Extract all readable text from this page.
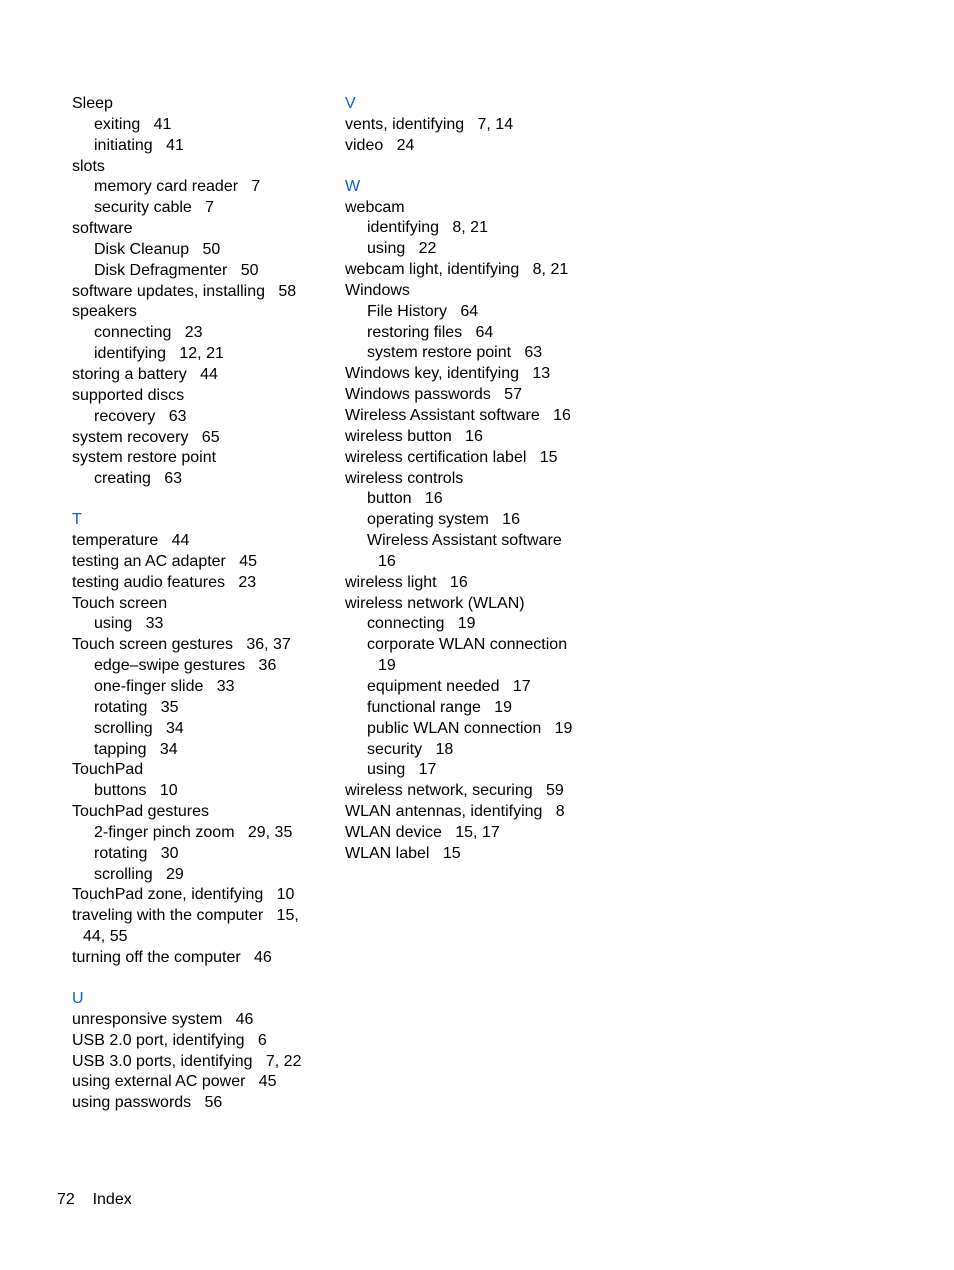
Sleep
exiting   41
initiating   41
slots
memory card reader   7
security cable   7
software
Disk Cleanup   50
Disk Defragmenter   50
software updates, installing   58
speakers
connecting   23
identifying   12, 21
storing a battery   44
supported discs
recovery   63
system recovery   65
system restore point
creating   63
T
temperature   44
testing an AC adapter   45
testing audio features   23
Touch screen
using   33
Touch screen gestures   36, 37
edge–swipe gestures   36
one-finger slide   33
rotating   35
scrolling   34
tapping   34
TouchPad
buttons   10
TouchPad gestures
2-finger pinch zoom   29, 35
rotating   30
scrolling   29
TouchPad zone, identifying   10
traveling with the computer   15,
44, 55
turning off the computer   46
U
unresponsive system   46
USB 2.0 port, identifying   6
USB 3.0 ports, identifying   7, 22
using external AC power   45
using passwords   56
V
vents, identifying   7, 14
video   24
W
webcam
identifying   8, 21
using   22
webcam light, identifying   8, 21
Windows
File History   64
restoring files   64
system restore point   63
Windows key, identifying   13
Windows passwords   57
Wireless Assistant software   16
wireless button   16
wireless certification label   15
wireless controls
button   16
operating system   16
Wireless Assistant software
16
wireless light   16
wireless network (WLAN)
connecting   19
corporate WLAN connection
19
equipment needed   17
functional range   19
public WLAN connection   19
security   18
using   17
wireless network, securing   59
WLAN antennas, identifying   8
WLAN device   15, 17
WLAN label   15
72 Index
